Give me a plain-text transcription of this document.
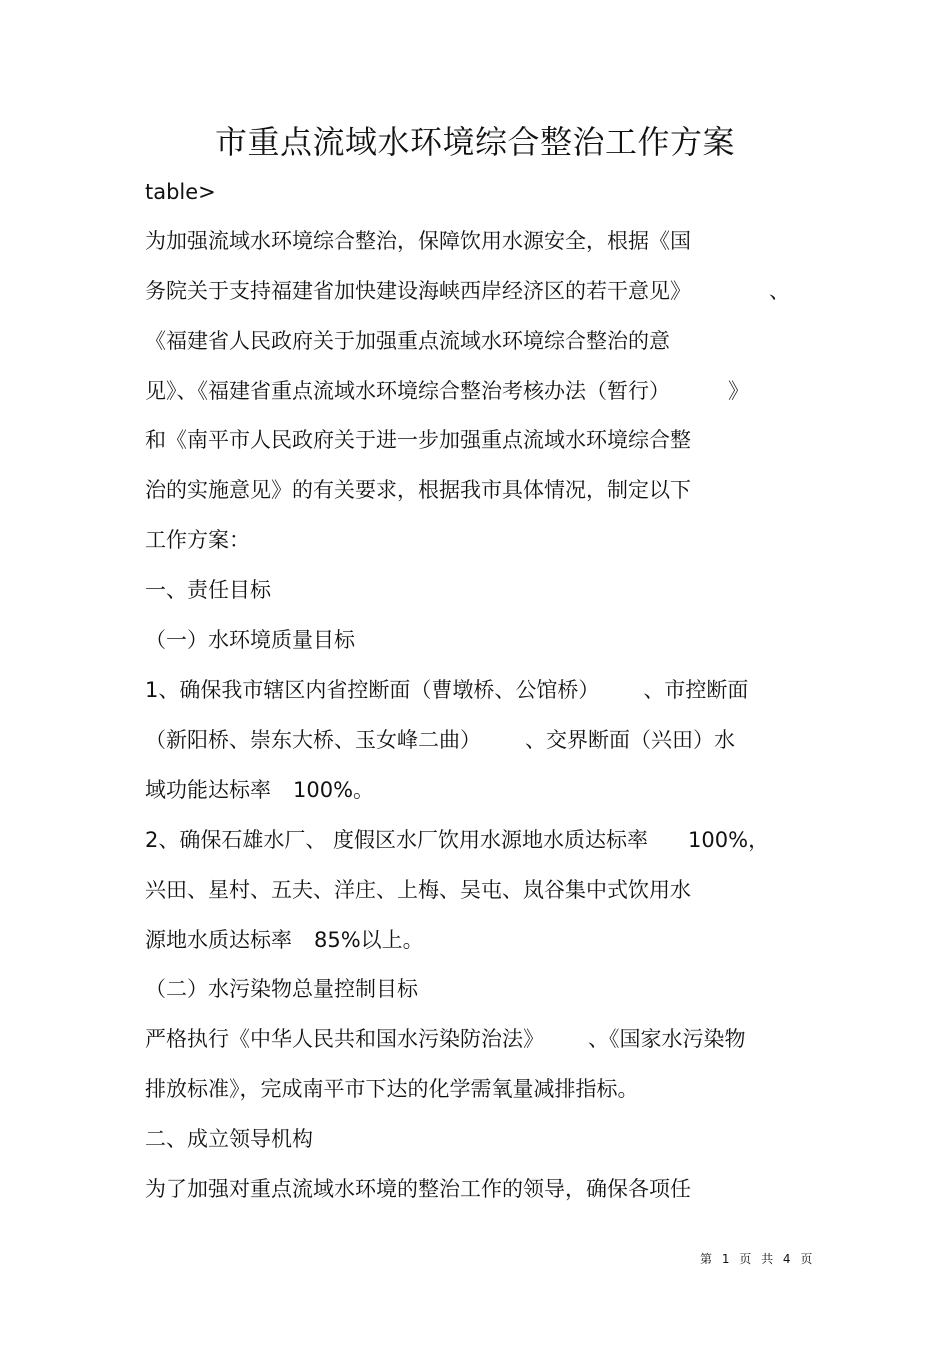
市重点流域水环境综合整治工作方案
table>
为加强流域水环境综合整治，保障饮用水源安全，根据《国
务院关于支持福建省加快建设海峡西岸经济区的若干意见》	、
《福建省人民政府关于加强重点流域水环境综合整治的意
见》、《福建省重点流域水环境综合整治考核办法（暂行）	》
和《南平市人民政府关于进一步加强重点流域水环境综合整
治的实施意见》的有关要求，根据我市具体情况，制定以下
工作方案：
一、责任目标
（一）水环境质量目标
1、确保我市辖区内省控断面（曹墩桥、公馆桥） 、市控断面
（新阳桥、崇东大桥、玉女峰二曲） 、交界断面（兴田）水
域功能达标率 100%。
2、确保石雄水厂、 度假区水厂饮用水源地水质达标率 100%，
兴田、星村、五夫、洋庄、上梅、吴屯、岚谷集中式饮用水
源地水质达标率 85%以上。
（二）水污染物总量控制目标
严格执行《中华人民共和国水污染防治法》 、《国家水污染物
排放标准》，完成南平市下达的化学需氧量减排指标。
二、成立领导机构
为了加强对重点流域水环境的整治工作的领导，确保各项任
第 1 页 共 4 页
